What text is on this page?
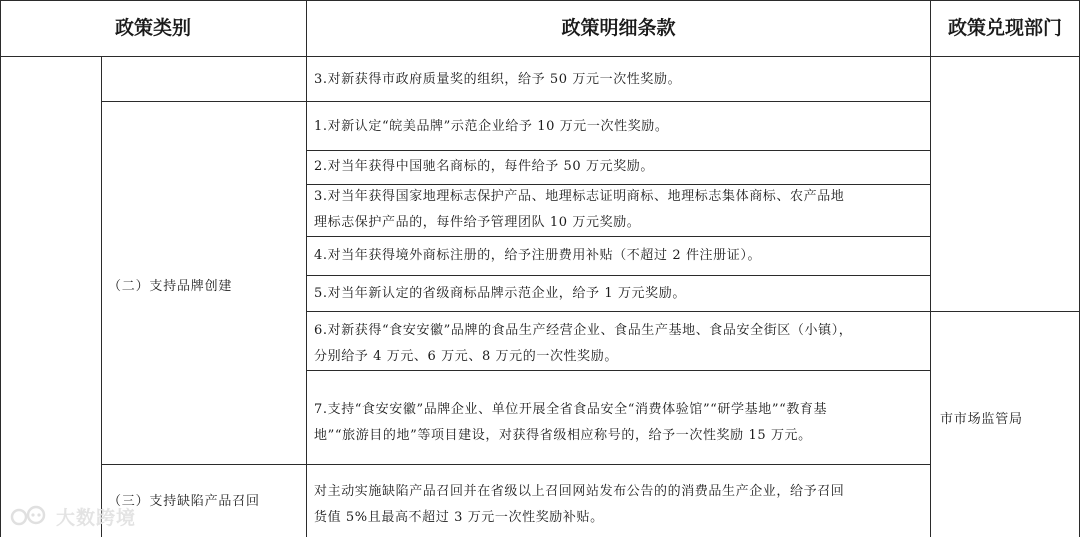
政策类别	政策明细条款	政策兑现部门
3.对新获得市政府质量奖的组织，给予 50 万元一次性奖励。
1.对新认定“皖美品牌”示范企业给予 10 万元一次性奖励。
2.对当年获得中国驰名商标的，每件给予 50 万元奖励。
3.对当年获得国家地理标志保护产品、地理标志证明商标、地理标志集体商标、农产品地
理标志保护产品的，每件给予管理团队 10 万元奖励。
4.对当年获得境外商标注册的，给予注册费用补贴（不超过 2 件注册证）。
5.对当年新认定的省级商标品牌示范企业，给予 1 万元奖励。
6.对新获得“食安安徽”品牌的食品生产经营企业、食品生产基地、食品安全街区（小镇），
分别给予 4 万元、6 万元、8 万元的一次性奖励。
7.支持“食安安徽”品牌企业、单位开展全省食品安全“消费体验馆”“研学基地”“教育基
地”“旅游目的地”等项目建设，对获得省级相应称号的，给予一次性奖励 15 万元。
对主动实施缺陷产品召回并在省级以上召回网站发布公告的的消费品生产企业，给予召回
货值 5%且最高不超过 3 万元一次性奖励补贴。
（二）支持品牌创建
（三）支持缺陷产品召回
市市场监管局
大数跨境
